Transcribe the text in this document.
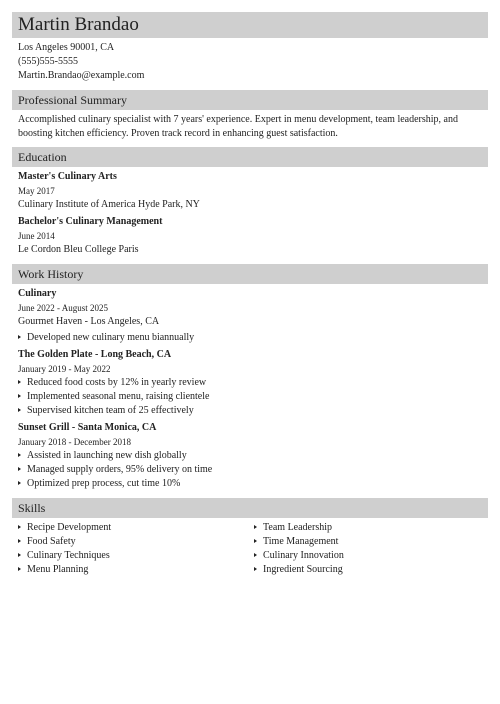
Martin Brandao
Los Angeles 90001, CA
(555)555-5555
Martin.Brandao@example.com
Professional Summary
Accomplished culinary specialist with 7 years' experience. Expert in menu development, team leadership, and boosting kitchen efficiency. Proven track record in enhancing guest satisfaction.
Education
Master's Culinary Arts
May 2017
Culinary Institute of America Hyde Park, NY
Bachelor's Culinary Management
June 2014
Le Cordon Bleu College Paris
Work History
Culinary
June 2022 - August 2025
Gourmet Haven - Los Angeles, CA
Developed new culinary menu biannually
The Golden Plate - Long Beach, CA
January 2019 - May 2022
Reduced food costs by 12% in yearly review
Implemented seasonal menu, raising clientele
Supervised kitchen team of 25 effectively
Sunset Grill - Santa Monica, CA
January 2018 - December 2018
Assisted in launching new dish globally
Managed supply orders, 95% delivery on time
Optimized prep process, cut time 10%
Skills
Recipe Development
Food Safety
Culinary Techniques
Menu Planning
Team Leadership
Time Management
Culinary Innovation
Ingredient Sourcing
